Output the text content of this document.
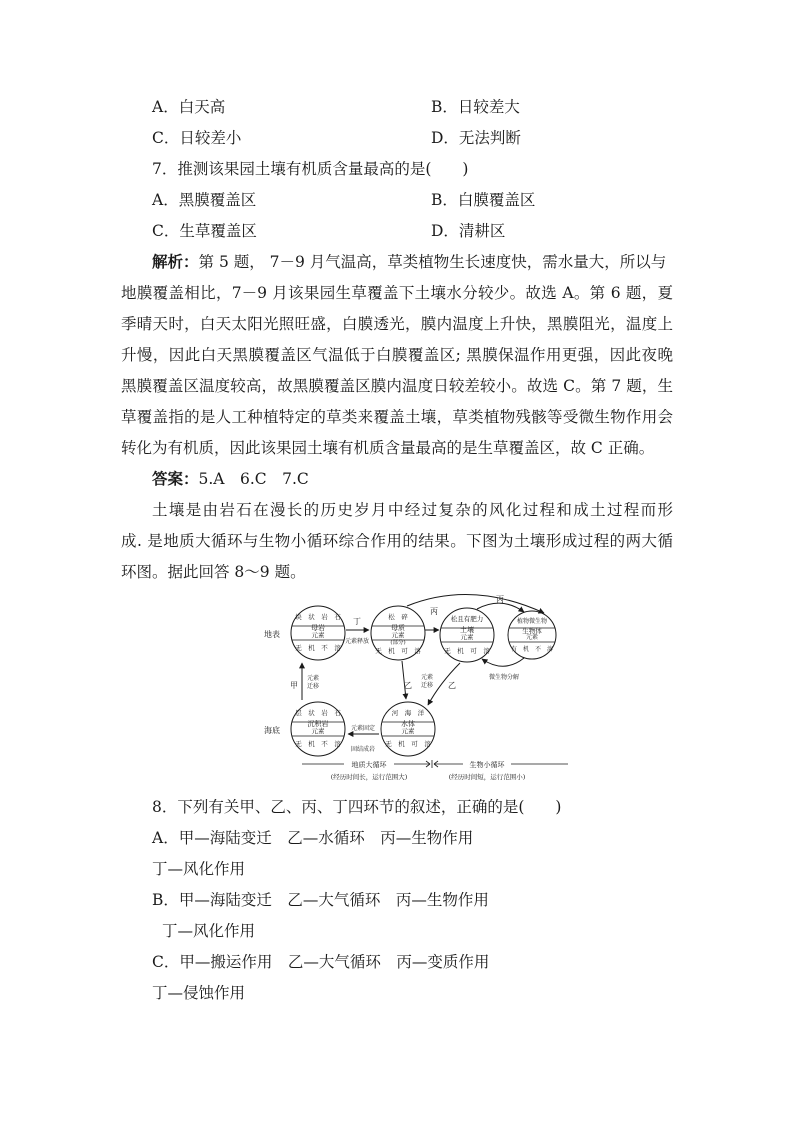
A．白天高	B．日较差大
C．日较差小	D．无法判断
7．推测该果园土壤有机质含量最高的是(　　)
A．黑膜覆盖区	B．白膜覆盖区
C．生草覆盖区	D．清耕区
解析：第 5 题， 7－9 月气温高，草类植物生长速度快，需水量大，所以与
地膜覆盖相比，7－9 月该果园生草覆盖下土壤水分较少。故选 A。第 6 题，夏
季晴天时，白天太阳光照旺盛，白膜透光，膜内温度上升快，黑膜阻光，温度上
升慢，因此白天黑膜覆盖区气温低于白膜覆盖区; 黑膜保温作用更强，因此夜晚
黑膜覆盖区温度较高，故黑膜覆盖区膜内温度日较差较小。故选 C。第 7 题，生
草覆盖指的是人工种植特定的草类来覆盖土壤，草类植物残骸等受微生物作用会
转化为有机质，因此该果园土壤有机质含量最高的是生草覆盖区，故 C 正确。
答案：5.A　6.C　7.C
土壤是由岩石在漫长的历史岁月中经过复杂的风化过程和成土过程而形
成. 是地质大循环与生物小循环综合作用的结果。下图为土壤形成过程的两大循
环图。据此回答 8～9 题。
地表
海底
块　状　岩　石
母岩
元素
无　机　不　溶
松　碎
母质
元素
(部分)
无　机　可　溶
松且有肥力
土壤
元素
无　机　可　溶
植物微生物
生物体
元素
有　机　不　溶
层　状　岩　石
沉积岩
元素
无　机　不　溶
河　海　洋
水体
元素
无　机　可　溶
丁
元素释放
丙
丙
微生物分解
乙	乙
元素
迁移
元素固定
固结成岩
甲
元素
迁移
地质大循环	生物小循环
(经历时间长，运行范围大)	(经历时间短，运行范围小)
8．下列有关甲、乙、丙、丁四环节的叙述，正确的是(　　)
A．甲—海陆变迁　乙—水循环　丙—生物作用
丁—风化作用
B．甲—海陆变迁　乙—大气循环　丙—生物作用
丁—风化作用
C．甲—搬运作用　乙—大气循环　丙—变质作用
丁—侵蚀作用
